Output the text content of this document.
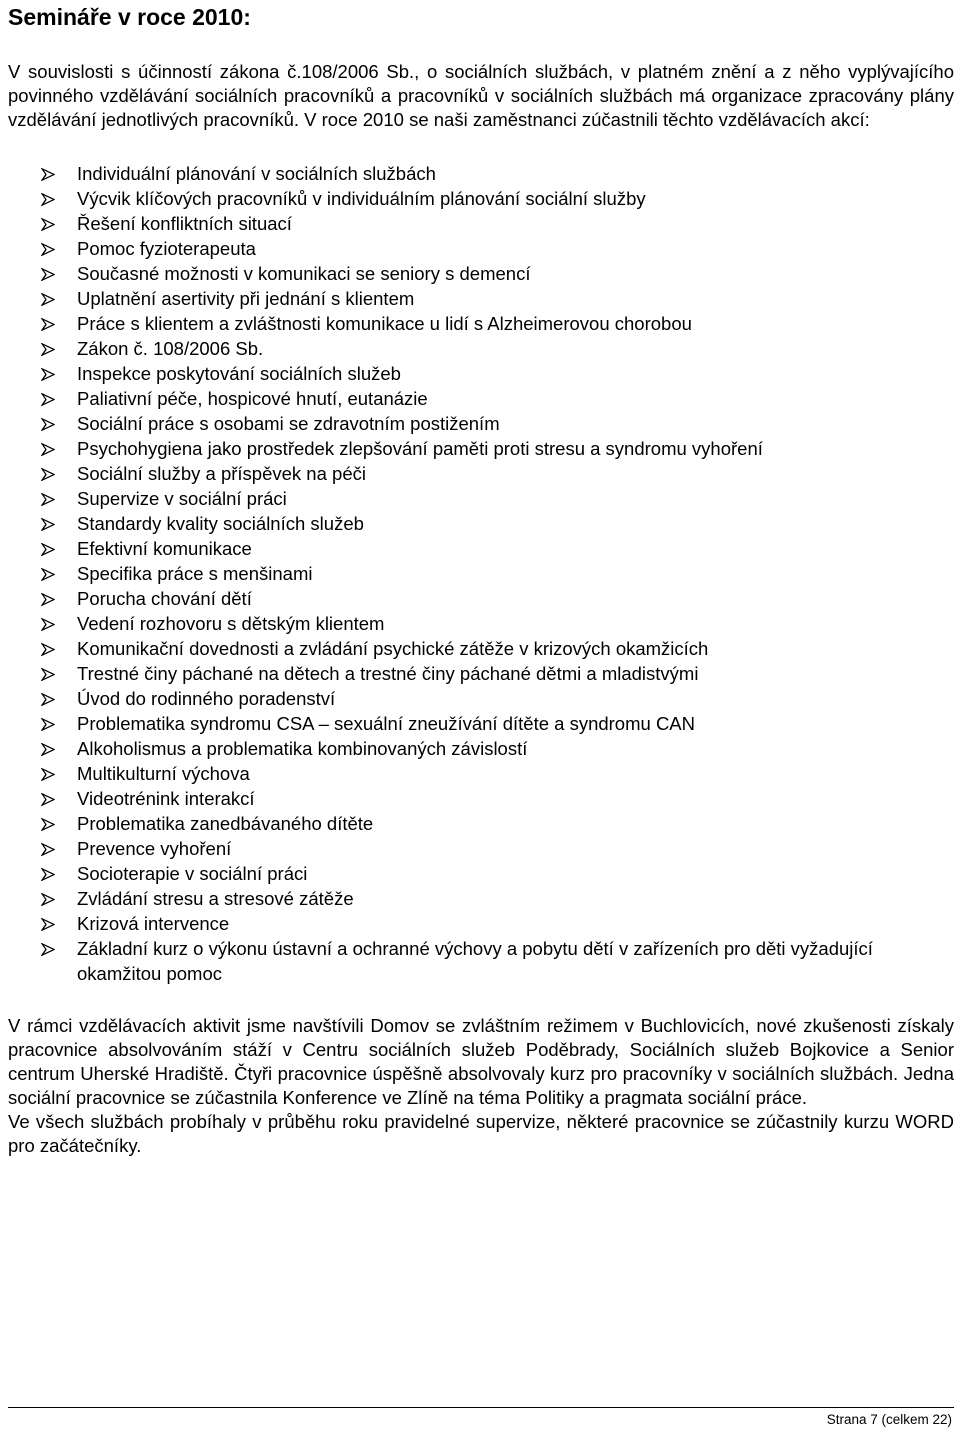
Semináře v roce 2010:

V souvislosti s účinností zákona č.108/2006 Sb., o sociálních službách, v platném znění a z něho vyplývajícího povinného vzdělávání sociálních pracovníků a pracovníků v sociálních službách má organizace zpracovány plány vzdělávání jednotlivých pracovníků. V roce 2010 se naši zaměstnanci zúčastnili těchto vzdělávacích akcí:

Individuální plánování v sociálních službách
Výcvik klíčových pracovníků v individuálním plánování sociální služby
Řešení konfliktních situací
Pomoc fyzioterapeuta
Současné možnosti v komunikaci se seniory s demencí
Uplatnění asertivity při jednání s klientem
Práce s klientem a zvláštnosti komunikace u lidí s Alzheimerovou chorobou
Zákon č. 108/2006 Sb.
Inspekce poskytování sociálních služeb
Paliativní péče, hospicové hnutí, eutanázie
Sociální práce s osobami se zdravotním postižením
Psychohygiena jako prostředek zlepšování paměti proti stresu a syndromu vyhoření
Sociální služby a příspěvek na péči
Supervize v sociální práci
Standardy kvality sociálních služeb
Efektivní komunikace
Specifika práce s menšinami
Porucha chování dětí
Vedení rozhovoru s dětským klientem
Komunikační dovednosti a zvládání psychické zátěže v krizových okamžicích
Trestné činy páchané na dětech a trestné činy páchané dětmi a mladistvými
Úvod do rodinného poradenství
Problematika syndromu CSA – sexuální zneužívání dítěte a syndromu CAN
Alkoholismus a problematika kombinovaných závislostí
Multikulturní výchova
Videotrénink interakcí
Problematika zanedbávaného dítěte
Prevence vyhoření
Socioterapie v sociální práci
Zvládání stresu a stresové zátěže
Krizová intervence
Základní kurz o výkonu ústavní a ochranné výchovy a pobytu dětí v zařízeních pro děti vyžadující okamžitou pomoc

V rámci vzdělávacích aktivit jsme navštívili Domov se zvláštním režimem v Buchlovicích, nové zkušenosti získaly pracovnice absolvováním stáží v Centru sociálních služeb Poděbrady, Sociálních služeb Bojkovice a Senior centrum Uherské Hradiště. Čtyři pracovnice úspěšně absolvovaly kurz pro pracovníky v sociálních službách. Jedna sociální pracovnice se zúčastnila Konference ve Zlíně na téma Politiky a pragmata sociální práce.

Ve všech službách probíhaly v průběhu roku pravidelné supervize, některé pracovnice se zúčastnily kurzu WORD pro začátečníky.

Strana 7 (celkem 22)
